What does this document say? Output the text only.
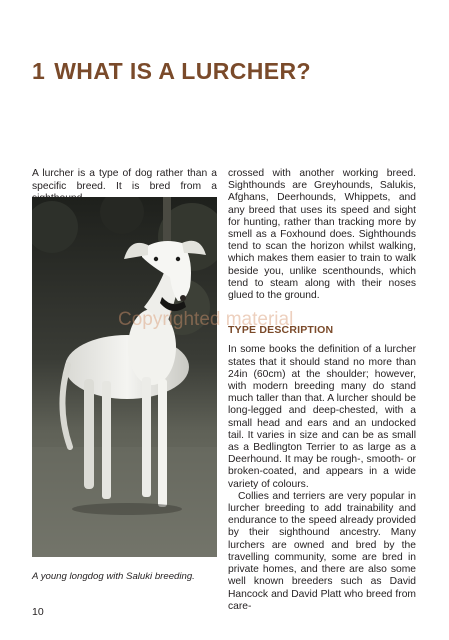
1 WHAT IS A LURCHER?
A lurcher is a type of dog rather than a specific breed. It is bred from a
A young longdog with Saluki breeding.

crossed with another working breed. Sighthounds are Greyhounds, Salukis, Afghans, Deerhounds, Whippets, and any breed that uses its speed and sight for hunting, rather than tracking more by smell as a Foxhound does. Sighthounds tend to scan the horizon whilst walking, which makes them easier to train to walk beside you, unlike scenthounds, which tend to steam along with their noses glued to the ground.

TYPE DESCRIPTION

In some books the definition of a lurcher states that it should stand no more than 24in (60cm) at the shoulder; however, with modern breeding many do stand much taller than that. A lurcher should be long-legged and deep-chested, with a small head and ears and an undocked tail. It varies in size and can be as small as a Bedlington Terrier to as large as a Deerhound. It may be rough-, smooth- or broken-coated, and appears in a wide variety of colours.

Collies and terriers are very popular in lurcher breeding to add trainability and endurance to the speed already provided by their sighthound ancestry. Many lurchers are owned and bred by the travelling community, some are bred in private homes, and there are also some well known breeders such as David Hancock and David Platt who breed from care-

Copyrighted material
10
